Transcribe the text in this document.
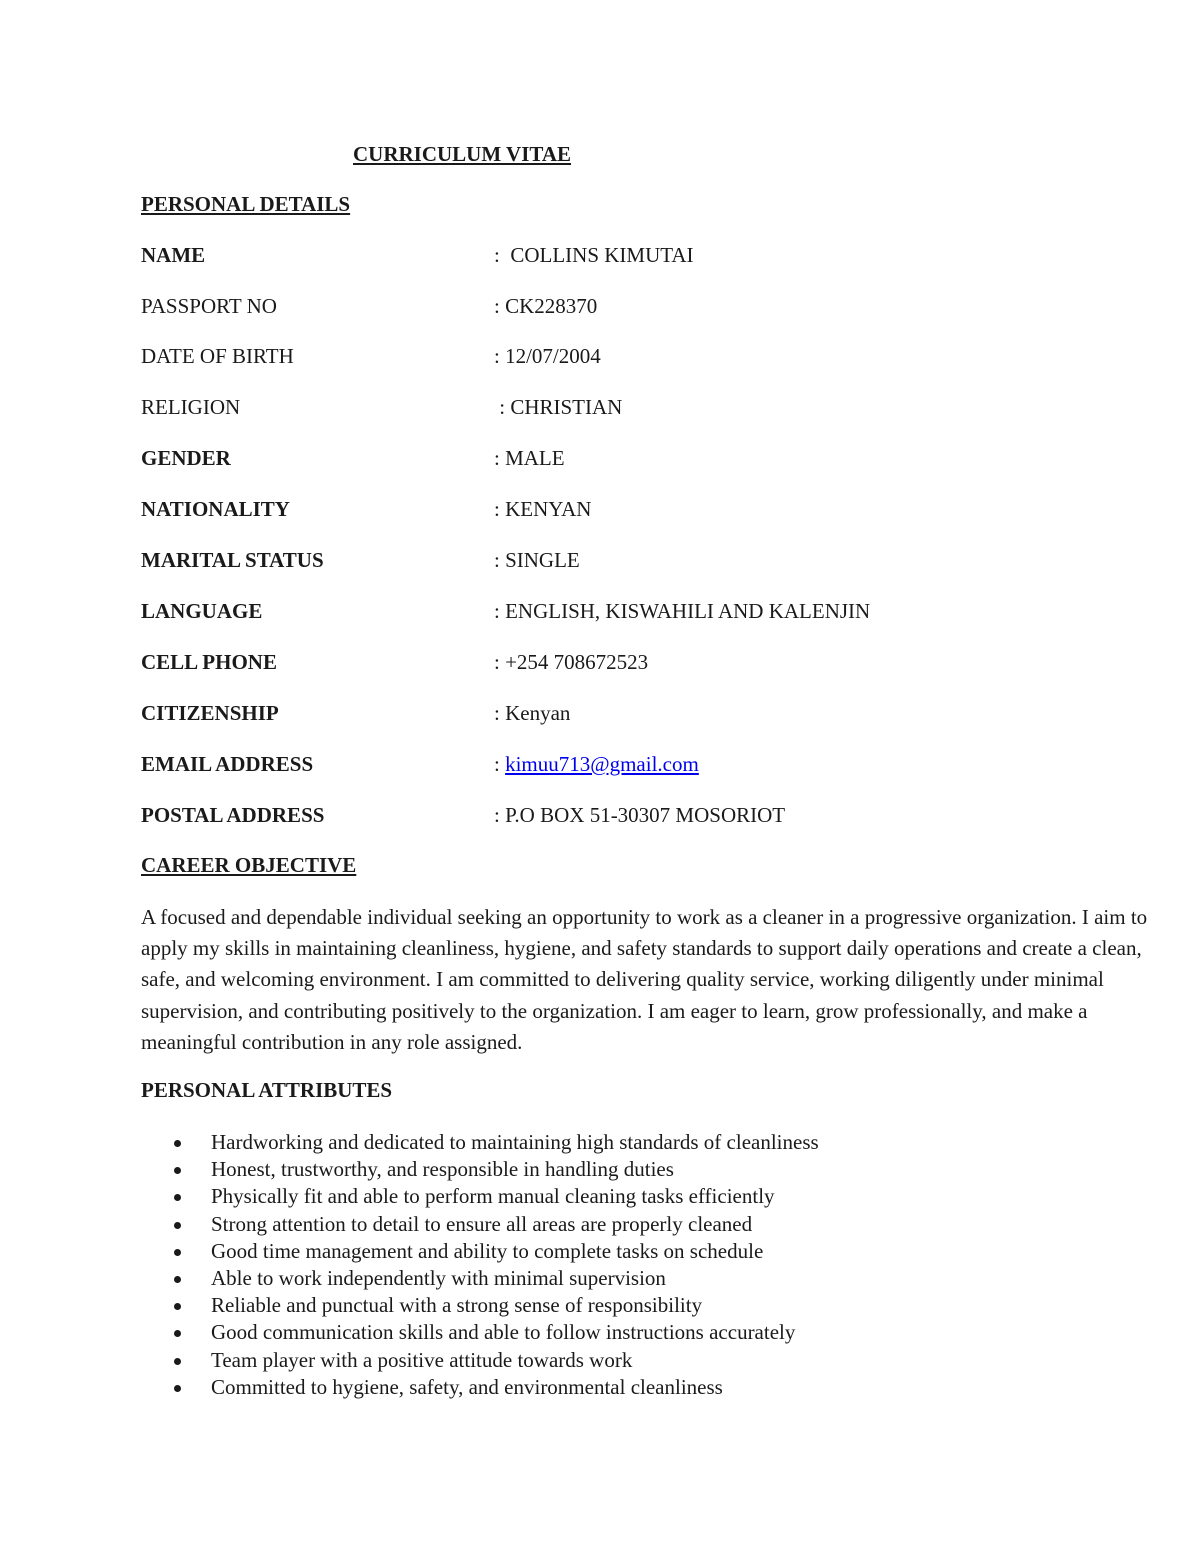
CURRICULUM VITAE
PERSONAL DETAILS
NAME	:  COLLINS KIMUTAI
PASSPORT NO	: CK228370
DATE OF BIRTH	: 12/07/2004
RELIGION	: CHRISTIAN
GENDER	: MALE
NATIONALITY	: KENYAN
MARITAL STATUS	: SINGLE
LANGUAGE	: ENGLISH, KISWAHILI AND KALENJIN
CELL PHONE	: +254 708672523
CITIZENSHIP	: Kenyan
EMAIL ADDRESS	: kimuu713@gmail.com
POSTAL ADDRESS	: P.O BOX 51-30307 MOSORIOT
CAREER OBJECTIVE

A focused and dependable individual seeking an opportunity to work as a cleaner in a progressive organization. I aim to apply my skills in maintaining cleanliness, hygiene, and safety standards to support daily operations and create a clean, safe, and welcoming environment. I am committed to delivering quality service, working diligently under minimal supervision, and contributing positively to the organization. I am eager to learn, grow professionally, and make a meaningful contribution in any role assigned.

PERSONAL ATTRIBUTES
Hardworking and dedicated to maintaining high standards of cleanliness
Honest, trustworthy, and responsible in handling duties
Physically fit and able to perform manual cleaning tasks efficiently
Strong attention to detail to ensure all areas are properly cleaned
Good time management and ability to complete tasks on schedule
Able to work independently with minimal supervision
Reliable and punctual with a strong sense of responsibility
Good communication skills and able to follow instructions accurately
Team player with a positive attitude towards work
Committed to hygiene, safety, and environmental cleanliness
